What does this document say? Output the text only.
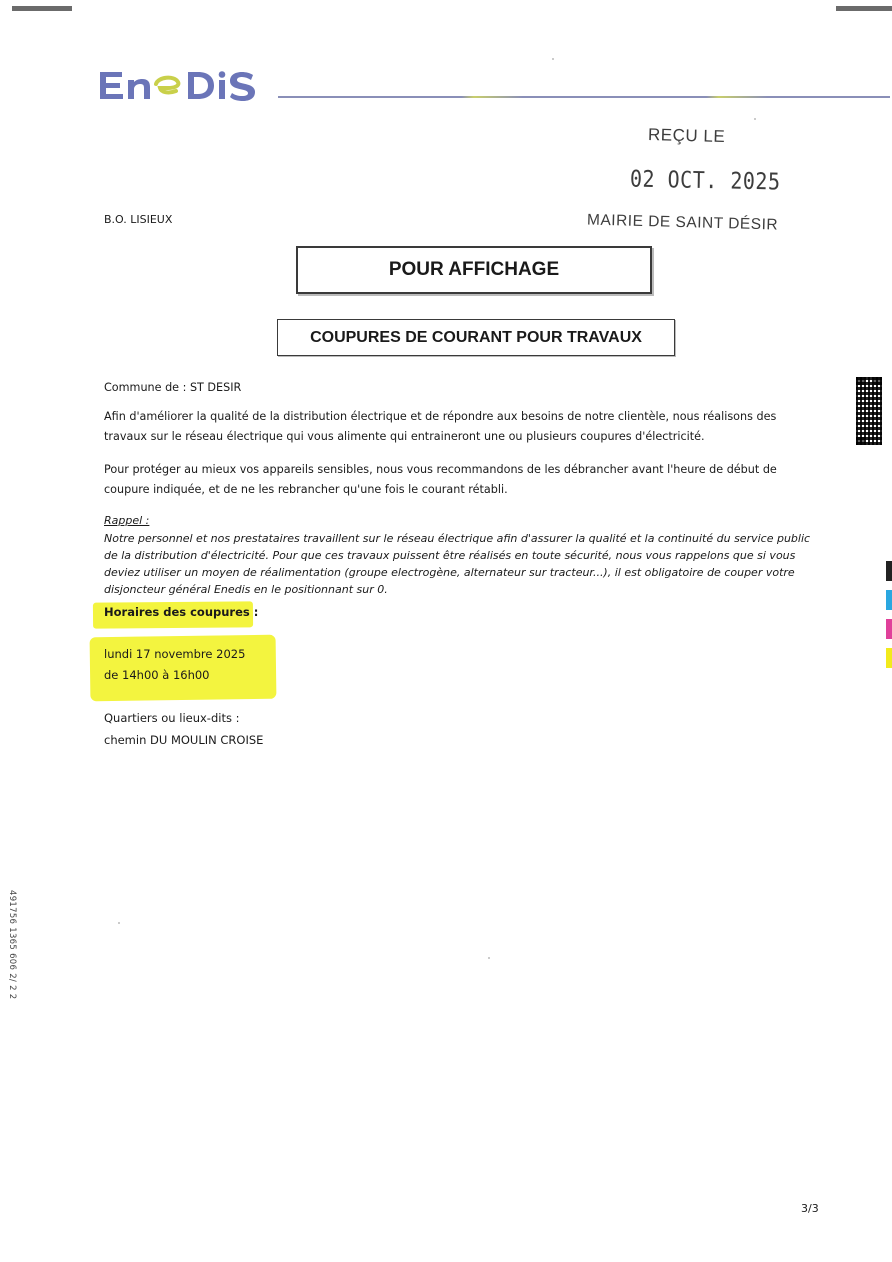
REÇU LE
02 OCT. 2025
MAIRIE DE SAINT DÉSIR
B.O. LISIEUX
POUR AFFICHAGE
COUPURES DE COURANT POUR TRAVAUX
Commune de : ST DESIR
Afin d'améliorer la qualité de la distribution électrique et de répondre aux besoins de notre clientèle, nous réalisons des travaux sur le réseau électrique qui vous alimente qui entraineront une ou plusieurs coupures d'électricité.
Pour protéger au mieux vos appareils sensibles, nous vous recommandons de les débrancher avant l'heure de début de coupure indiquée, et de ne les rebrancher qu'une fois le courant rétabli.
Rappel :
Notre personnel et nos prestataires travaillent sur le réseau électrique afin d'assurer la qualité et la continuité du service public de la distribution d'électricité. Pour que ces travaux puissent être réalisés en toute sécurité, nous vous rappelons que si vous deviez utiliser un moyen de réalimentation (groupe electrogène, alternateur sur tracteur...), il est obligatoire de couper votre disjoncteur général Enedis en le positionnant sur 0.
Horaires des coupures :
lundi 17 novembre 2025
de 14h00 à 16h00
Quartiers ou lieux-dits :
chemin DU MOULIN CROISE
491756 1365 606 2/ 2 2
3/3
